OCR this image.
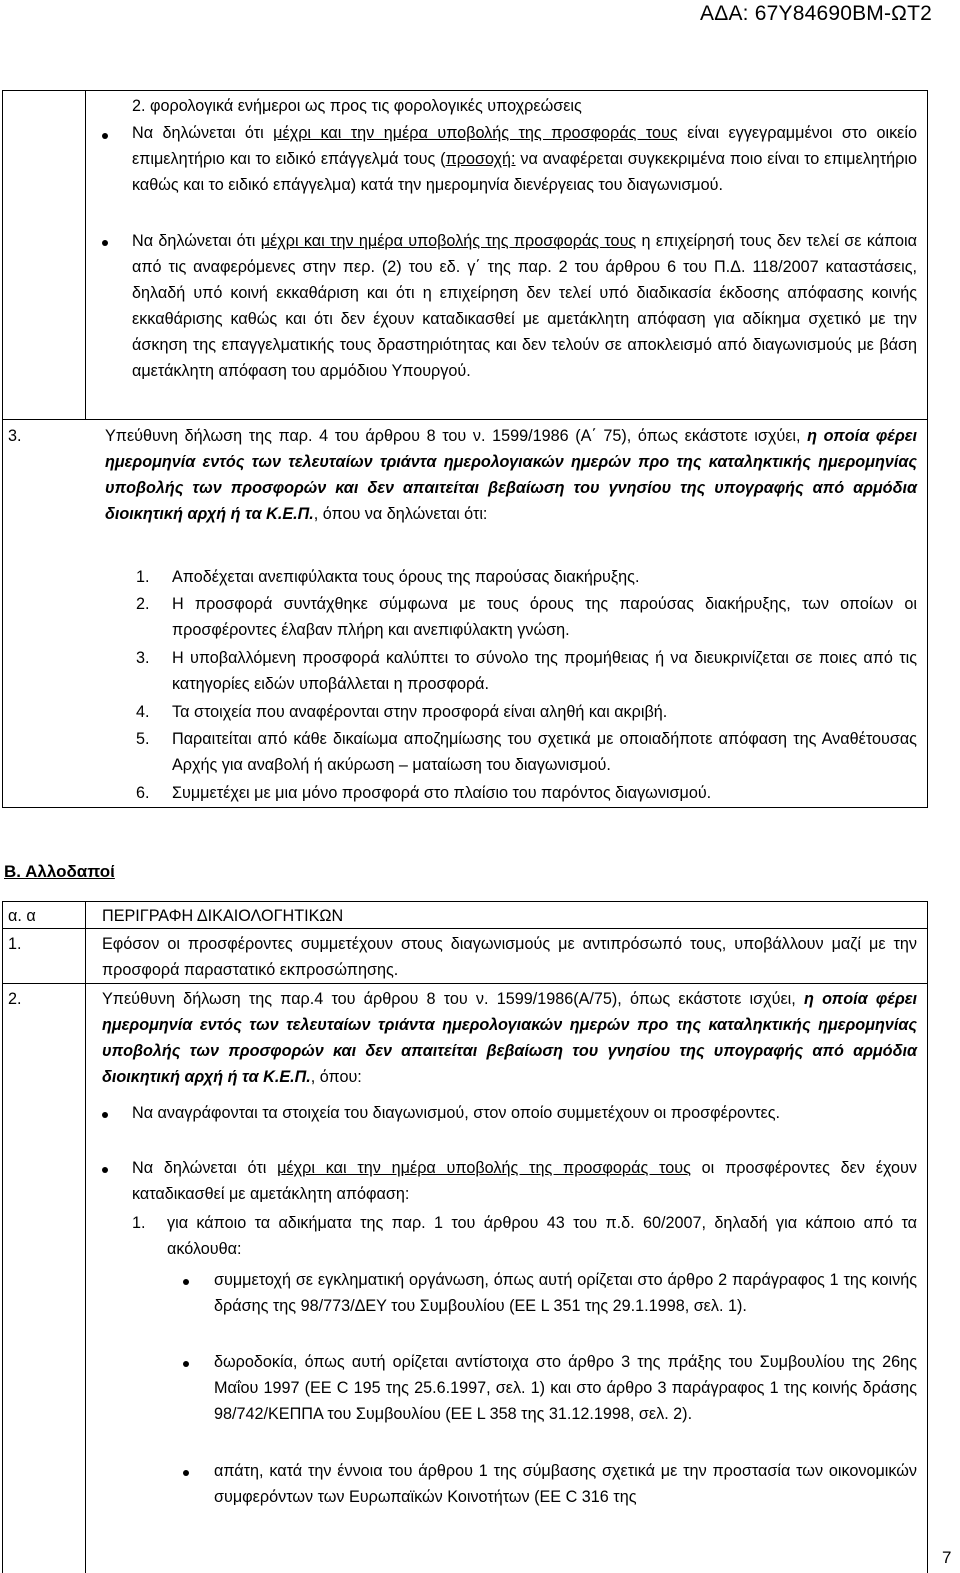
ΑΔΑ: 67Υ84690ΒΜ-ΩΤ2
2. φορολογικά ενήμεροι ως προς τις φορολογικές υποχρεώσεις
Να δηλώνεται ότι μέχρι και την ημέρα υποβολής της προσφοράς τους είναι εγγεγραμμένοι στο οικείο επιμελητήριο και το ειδικό επάγγελμά τους (προσοχή: να αναφέρεται συγκεκριμένα ποιο είναι το επιμελητήριο καθώς και το ειδικό επάγγελμα) κατά την ημερομηνία διενέργειας του διαγωνισμού.
Να δηλώνεται ότι μέχρι και την ημέρα υποβολής της προσφοράς τους η επιχείρησή τους δεν τελεί σε κάποια από τις αναφερόμενες στην περ. (2) του εδ. γ΄ της παρ. 2 του άρθρου 6 του Π.Δ. 118/2007 καταστάσεις, δηλαδή υπό κοινή εκκαθάριση και ότι η επιχείρηση δεν τελεί υπό διαδικασία έκδοσης απόφασης κοινής εκκαθάρισης καθώς και ότι δεν έχουν καταδικασθεί με αμετάκλητη απόφαση για αδίκημα σχετικό με την άσκηση της επαγγελματικής τους δραστηριότητας και δεν τελούν σε αποκλεισμό από διαγωνισμούς με βάση αμετάκλητη απόφαση του αρμόδιου Υπουργού.
3.	Υπεύθυνη δήλωση της παρ. 4 του άρθρου 8 του ν. 1599/1986 (Α΄ 75), όπως εκάστοτε ισχύει, η οποία φέρει ημερομηνία εντός των τελευταίων τριάντα ημερολογιακών ημερών προ της καταληκτικής ημερομηνίας υποβολής των προσφορών και δεν απαιτείται βεβαίωση του γνησίου της υπογραφής από αρμόδια διοικητική αρχή ή τα Κ.Ε.Π., όπου να δηλώνεται ότι:
1.	Αποδέχεται ανεπιφύλακτα τους όρους της παρούσας διακήρυξης.
2.	Η προσφορά συντάχθηκε σύμφωνα με τους όρους της παρούσας διακήρυξης, των οποίων οι προσφέροντες έλαβαν πλήρη και ανεπιφύλακτη γνώση.
3.	Η υποβαλλόμενη προσφορά καλύπτει το σύνολο της προμήθειας ή να διευκρινίζεται σε ποιες από τις κατηγορίες ειδών υποβάλλεται η προσφορά.
4.	Τα στοιχεία που αναφέρονται στην προσφορά είναι αληθή και ακριβή.
5.	Παραιτείται από κάθε δικαίωμα αποζημίωσης του σχετικά με οποιαδήποτε απόφαση της Αναθέτουσας Αρχής για αναβολή ή ακύρωση – ματαίωση του διαγωνισμού.
6.	Συμμετέχει με μια μόνο προσφορά στο πλαίσιο του παρόντος διαγωνισμού.
Β. Αλλοδαποί
α. α	ΠΕΡΙΓΡΑΦΗ ΔΙΚΑΙΟΛΟΓΗΤΙΚΩΝ
1.	Εφόσον οι προσφέροντες συμμετέχουν στους διαγωνισμούς με αντιπρόσωπό τους, υποβάλλουν μαζί με την προσφορά παραστατικό εκπροσώπησης.
2.	Υπεύθυνη δήλωση της παρ.4 του άρθρου 8 του ν. 1599/1986(Α/75), όπως εκάστοτε ισχύει, η οποία φέρει ημερομηνία εντός των τελευταίων τριάντα ημερολογιακών ημερών προ της καταληκτικής ημερομηνίας υποβολής των προσφορών και δεν απαιτείται βεβαίωση του γνησίου της υπογραφής από αρμόδια διοικητική αρχή ή τα Κ.Ε.Π., όπου:
Να αναγράφονται τα στοιχεία του διαγωνισμού, στον οποίο συμμετέχουν οι προσφέροντες.
Να δηλώνεται ότι μέχρι και την ημέρα υποβολής της προσφοράς τους οι προσφέροντες δεν έχουν καταδικασθεί με αμετάκλητη απόφαση:
1.	για κάποιο τα αδικήματα της παρ. 1 του άρθρου 43 του π.δ. 60/2007, δηλαδή για κάποιο από τα ακόλουθα:
συμμετοχή σε εγκληματική οργάνωση, όπως αυτή ορίζεται στο άρθρο 2 παράγραφος 1 της κοινής δράσης της 98/773/ΔΕΥ του Συμβουλίου (ΕΕ L 351 της 29.1.1998, σελ. 1).
δωροδοκία, όπως αυτή ορίζεται αντίστοιχα στο άρθρο 3 της πράξης του Συμβουλίου της 26ης Μαΐου 1997 (ΕΕ C 195 της 25.6.1997, σελ. 1) και στο άρθρο 3 παράγραφος 1 της κοινής δράσης 98/742/ΚΕΠΠΑ του Συμβουλίου (ΕΕ L 358 της 31.12.1998, σελ. 2).
απάτη, κατά την έννοια του άρθρου 1 της σύμβασης σχετικά με την προστασία των οικονομικών συμφερόντων των Ευρωπαϊκών Κοινοτήτων (ΕΕ C 316 της
7
